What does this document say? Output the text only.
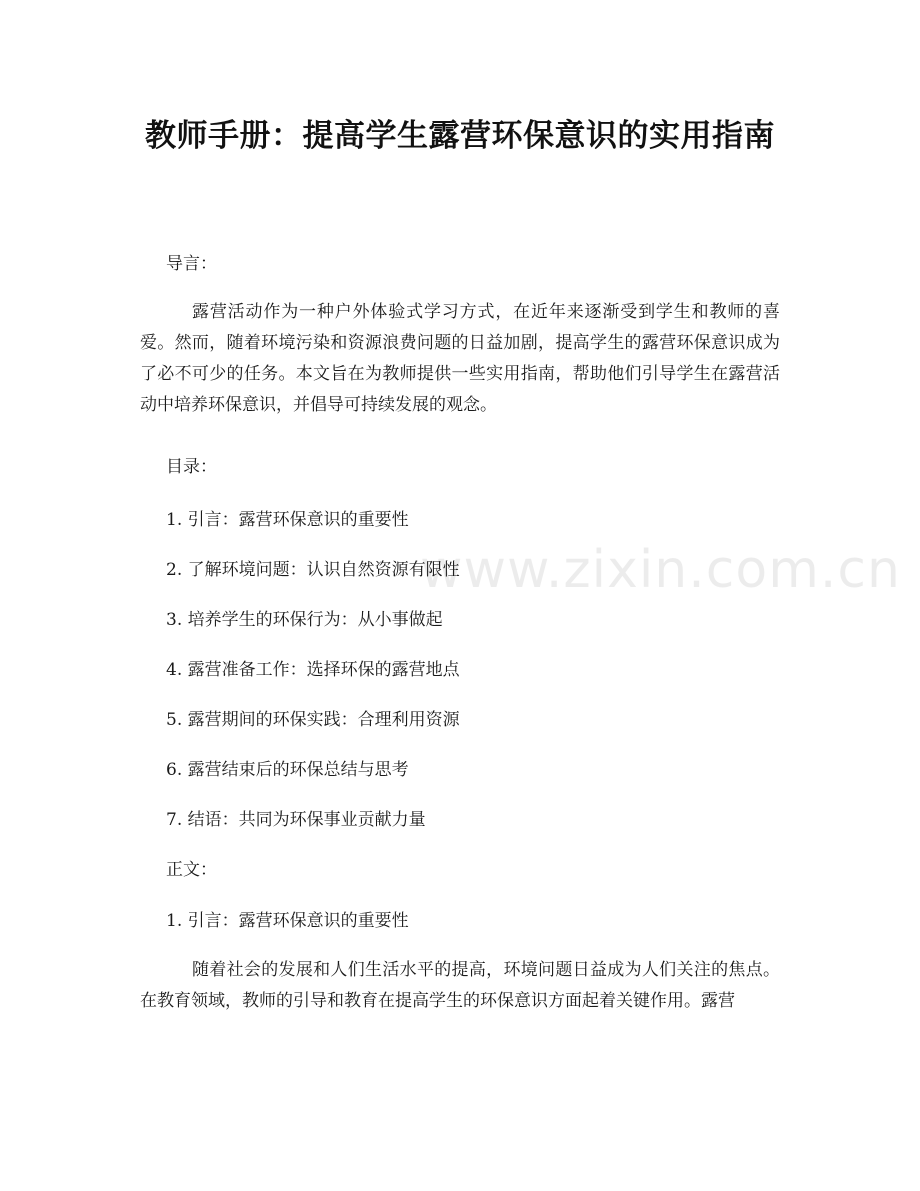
www.zixin.com.cn
教师手册：提高学生露营环保意识的实用指南
导言：
露营活动作为一种户外体验式学习方式，在近年来逐渐受到学生和教师的喜爱。然而，随着环境污染和资源浪费问题的日益加剧，提高学生的露营环保意识成为了必不可少的任务。本文旨在为教师提供一些实用指南，帮助他们引导学生在露营活动中培养环保意识，并倡导可持续发展的观念。
目录：
1. 引言：露营环保意识的重要性
2. 了解环境问题：认识自然资源有限性
3. 培养学生的环保行为：从小事做起
4. 露营准备工作：选择环保的露营地点
5. 露营期间的环保实践：合理利用资源
6. 露营结束后的环保总结与思考
7. 结语：共同为环保事业贡献力量
正文：
1. 引言：露营环保意识的重要性
随着社会的发展和人们生活水平的提高，环境问题日益成为人们关注的焦点。在教育领域，教师的引导和教育在提高学生的环保意识方面起着关键作用。露营
